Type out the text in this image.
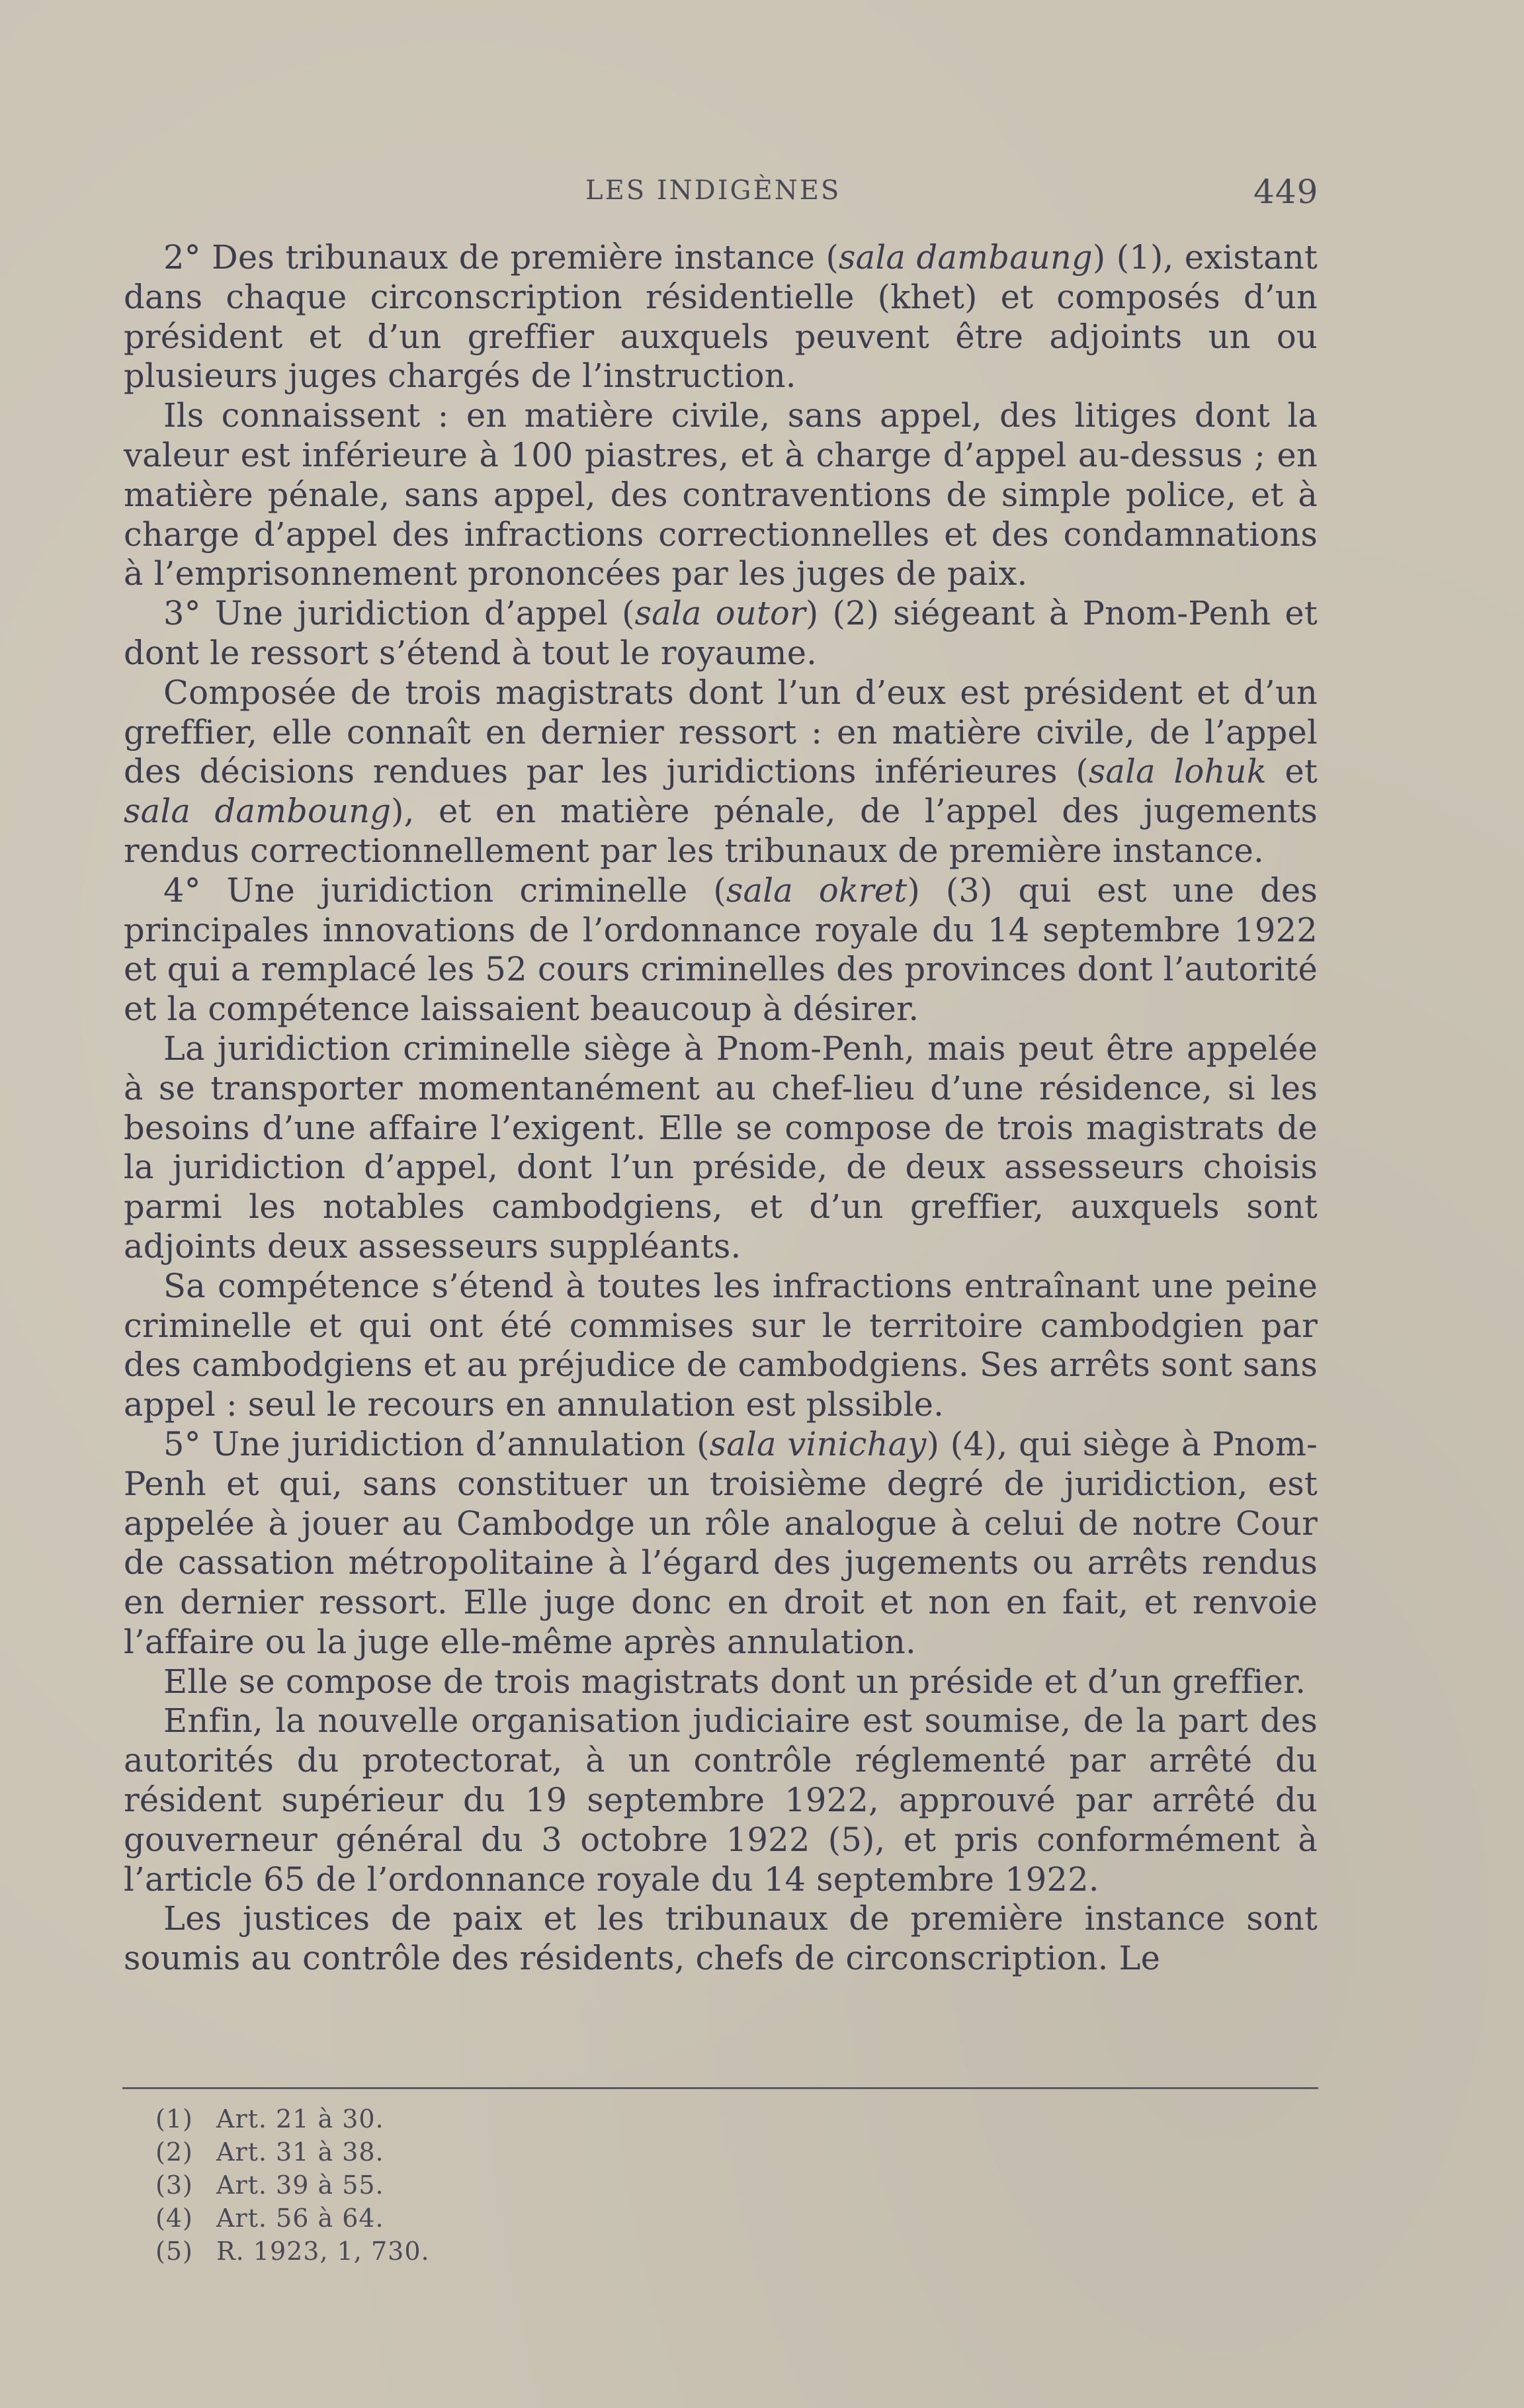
LES INDIGÈNES	449

2° Des tribunaux de première instance (sala dambaung) (1), existant dans chaque circonscription résidentielle (khet) et composés d’un président et d’un greffier auxquels peuvent être adjoints un ou plusieurs juges chargés de l’instruction.

Ils connaissent : en matière civile, sans appel, des litiges dont la valeur est inférieure à 100 piastres, et à charge d’appel au-dessus ; en matière pénale, sans appel, des contraventions de simple police, et à charge d’appel des infractions correctionnelles et des condamnations à l’emprisonnement prononcées par les juges de paix.

3° Une juridiction d’appel (sala outor) (2) siégeant à Pnom-Penh et dont le ressort s’étend à tout le royaume.

Composée de trois magistrats dont l’un d’eux est président et d’un greffier, elle connaît en dernier ressort : en matière civile, de l’appel des décisions rendues par les juridictions inférieures (sala lohuk et sala damboung), et en matière pénale, de l’appel des jugements rendus correctionnellement par les tribunaux de première instance.

4° Une juridiction criminelle (sala okret) (3) qui est une des principales innovations de l’ordonnance royale du 14 septembre 1922 et qui a remplacé les 52 cours criminelles des provinces dont l’autorité et la compétence laissaient beaucoup à désirer.

La juridiction criminelle siège à Pnom-Penh, mais peut être appelée à se transporter momentanément au chef-lieu d’une résidence, si les besoins d’une affaire l’exigent. Elle se compose de trois magistrats de la juridiction d’appel, dont l’un préside, de deux assesseurs choisis parmi les notables cambodgiens, et d’un greffier, auxquels sont adjoints deux assesseurs suppléants.

Sa compétence s’étend à toutes les infractions entraînant une peine criminelle et qui ont été commises sur le territoire cambodgien par des cambodgiens et au préjudice de cambodgiens. Ses arrêts sont sans appel : seul le recours en annulation est plssible.

5° Une juridiction d’annulation (sala vinichay) (4), qui siège à Pnom-Penh et qui, sans constituer un troisième degré de juridiction, est appelée à jouer au Cambodge un rôle analogue à celui de notre Cour de cassation métropolitaine à l’égard des jugements ou arrêts rendus en dernier ressort. Elle juge donc en droit et non en fait, et renvoie l’affaire ou la juge elle-même après annulation.

Elle se compose de trois magistrats dont un préside et d’un greffier.

Enfin, la nouvelle organisation judiciaire est soumise, de la part des autorités du protectorat, à un contrôle réglementé par arrêté du résident supérieur du 19 septembre 1922, approuvé par arrêté du gouverneur général du 3 octobre 1922 (5), et pris conformément à l’article 65 de l’ordonnance royale du 14 septembre 1922.

Les justices de paix et les tribunaux de première instance sont soumis au contrôle des résidents, chefs de circonscription. Le

(1) Art. 21 à 30.
(2) Art. 31 à 38.
(3) Art. 39 à 55.
(4) Art. 56 à 64.
(5) R. 1923, 1, 730.
